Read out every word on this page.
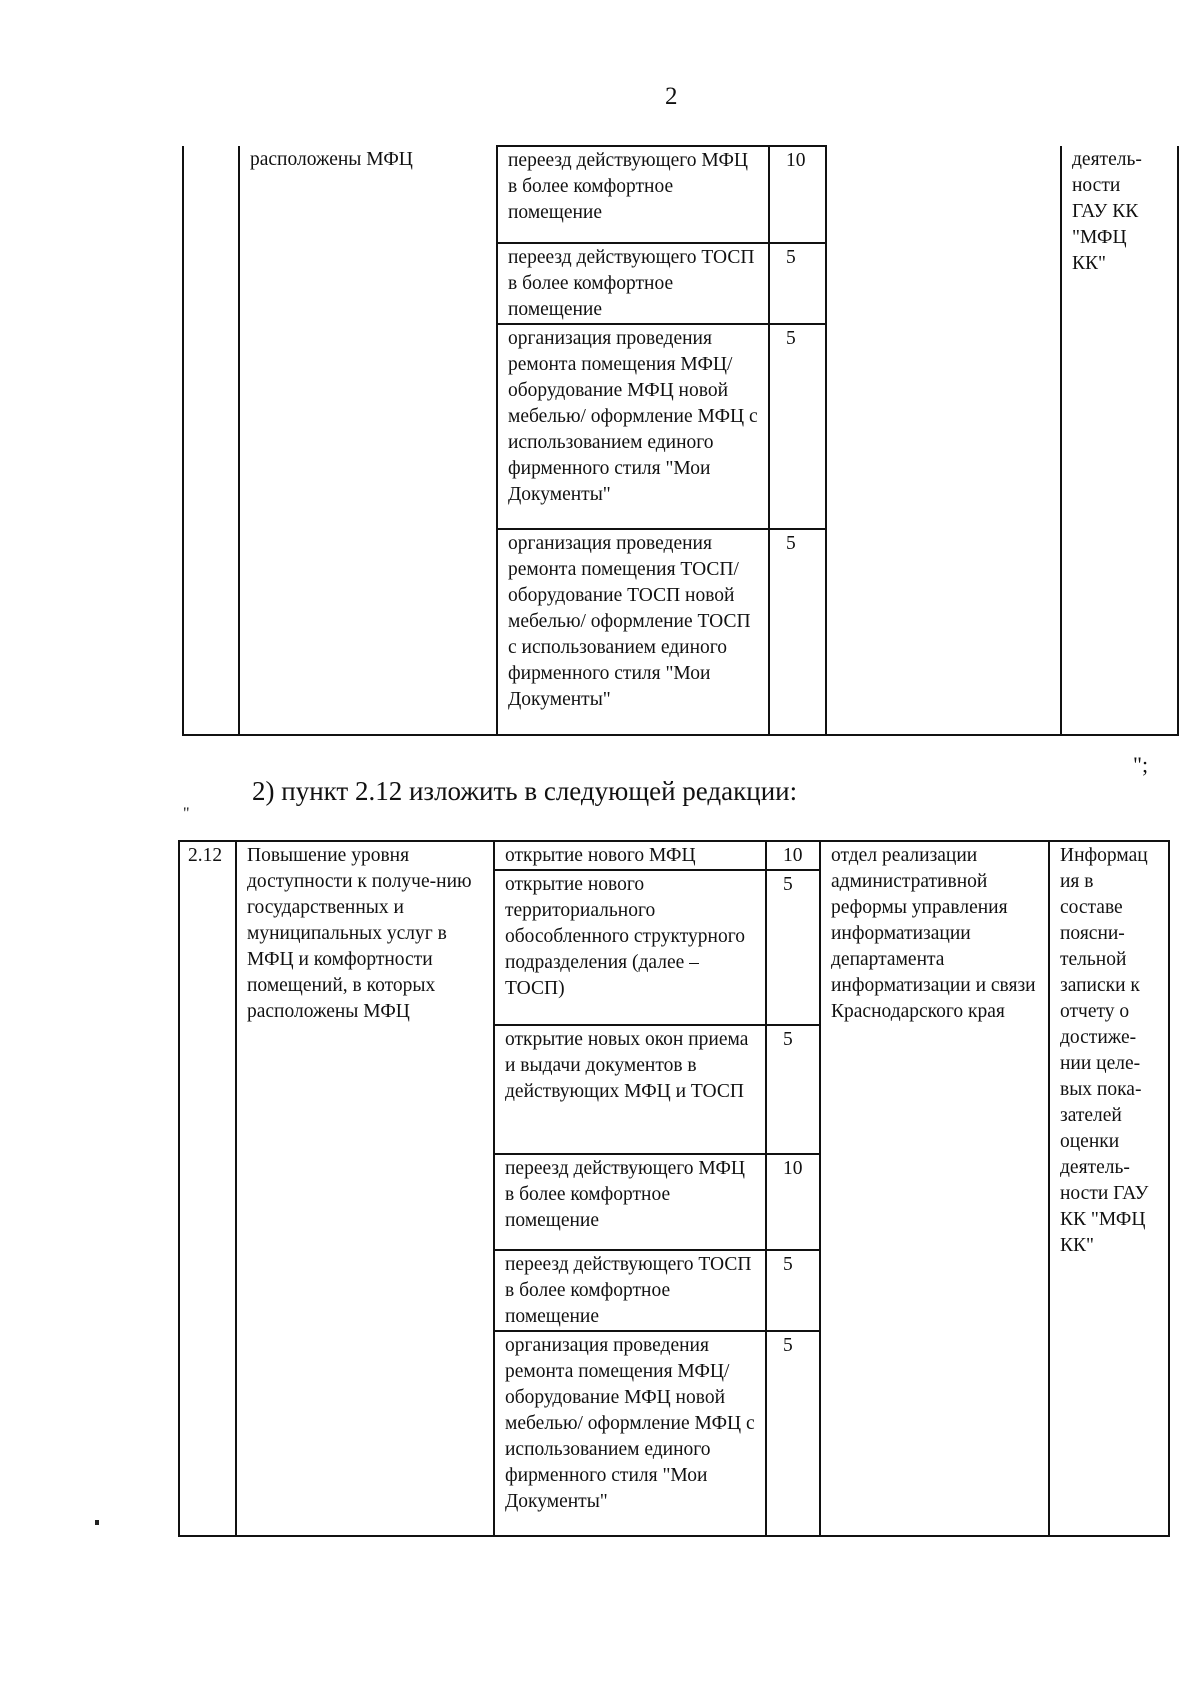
2
	расположены МФЦ	переезд действующего МФЦ в более комфортное помещение	10		деятель-
ности
ГАУ КК
"МФЦ
КК"
		переезд действующего ТОСП в более комфортное помещение	5		
		организация проведения ремонта помещения МФЦ/оборудование МФЦ новой мебелью/ оформление МФЦ с использованием единого фирменного стиля "Мои Документы"	5		
		организация проведения ремонта помещения ТОСП/оборудование ТОСП новой мебелью/ оформление ТОСП с использованием единого фирменного стиля "Мои Документы"	5		
";
2) пункт 2.12 изложить в следующей редакции:
"
2.12	Повышение уровня доступности к получе-нию государственных и муниципальных услуг в МФЦ и комфортности помещений, в которых расположены МФЦ	открытие нового МФЦ	10	отдел реализации административной реформы управления информатизации департамента информатизации и связи Краснодарского края	Информац ия в составе поясни-тельной записки к отчету о достиже-нии целе-вых пока-зателей оценки деятель-ности ГАУ КК "МФЦ КК"
		открытие нового территориального обособленного структурного подразделения (далее – ТОСП)	5		
		открытие новых окон приема и выдачи документов в действующих МФЦ и ТОСП	5		
		переезд действующего МФЦ в более комфортное помещение	10		
		переезд действующего ТОСП в более комфортное помещение	5		
		организация проведения ремонта помещения МФЦ/оборудование МФЦ новой мебелью/ оформление МФЦ с использованием единого фирменного стиля "Мои Документы"	5		
